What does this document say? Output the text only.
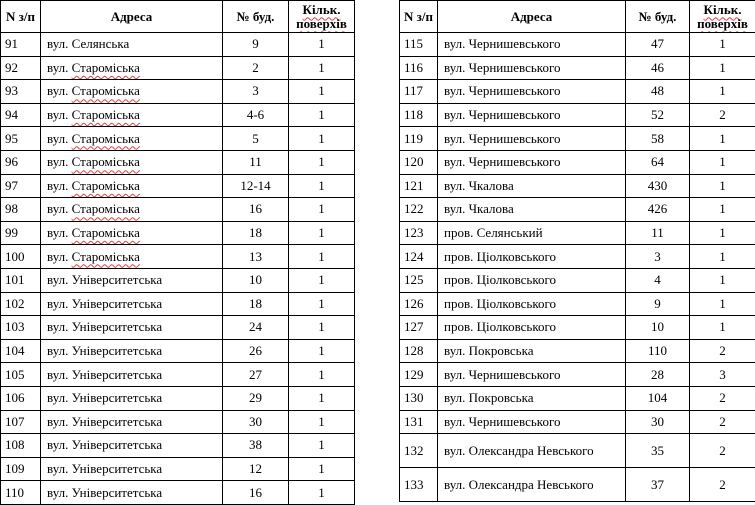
N з/п	Адреса	№ буд.	Кільк. поверхів
91	вул. Селянська	9	1
92	вул. Староміська	2	1
93	вул. Староміська	3	1
94	вул. Староміська	4-6	1
95	вул. Староміська	5	1
96	вул. Староміська	11	1
97	вул. Староміська	12-14	1
98	вул. Староміська	16	1
99	вул. Староміська	18	1
100	вул. Староміська	13	1
101	вул. Університетська	10	1
102	вул. Університетська	18	1
103	вул. Університетська	24	1
104	вул. Університетська	26	1
105	вул. Університетська	27	1
106	вул. Університетська	29	1
107	вул. Університетська	30	1
108	вул. Університетська	38	1
109	вул. Університетська	12	1
110	вул. Університетська	16	1
N з/п	Адреса	№ буд.	Кільк. поверхів
115	вул. Чернишевського	47	1
116	вул. Чернишевського	46	1
117	вул. Чернишевського	48	1
118	вул. Чернишевського	52	2
119	вул. Чернишевського	58	1
120	вул. Чернишевського	64	1
121	вул. Чкалова	430	1
122	вул. Чкалова	426	1
123	пров. Селянський	11	1
124	пров. Ціолковського	3	1
125	пров. Ціолковського	4	1
126	пров. Ціолковського	9	1
127	пров. Ціолковського	10	1
128	вул. Покровська	110	2
129	вул. Чернишевського	28	3
130	вул. Покровська	104	2
131	вул. Чернишевського	30	2
132	вул. Олександра Невського	35	2
133	вул. Олександра Невського	37	2
